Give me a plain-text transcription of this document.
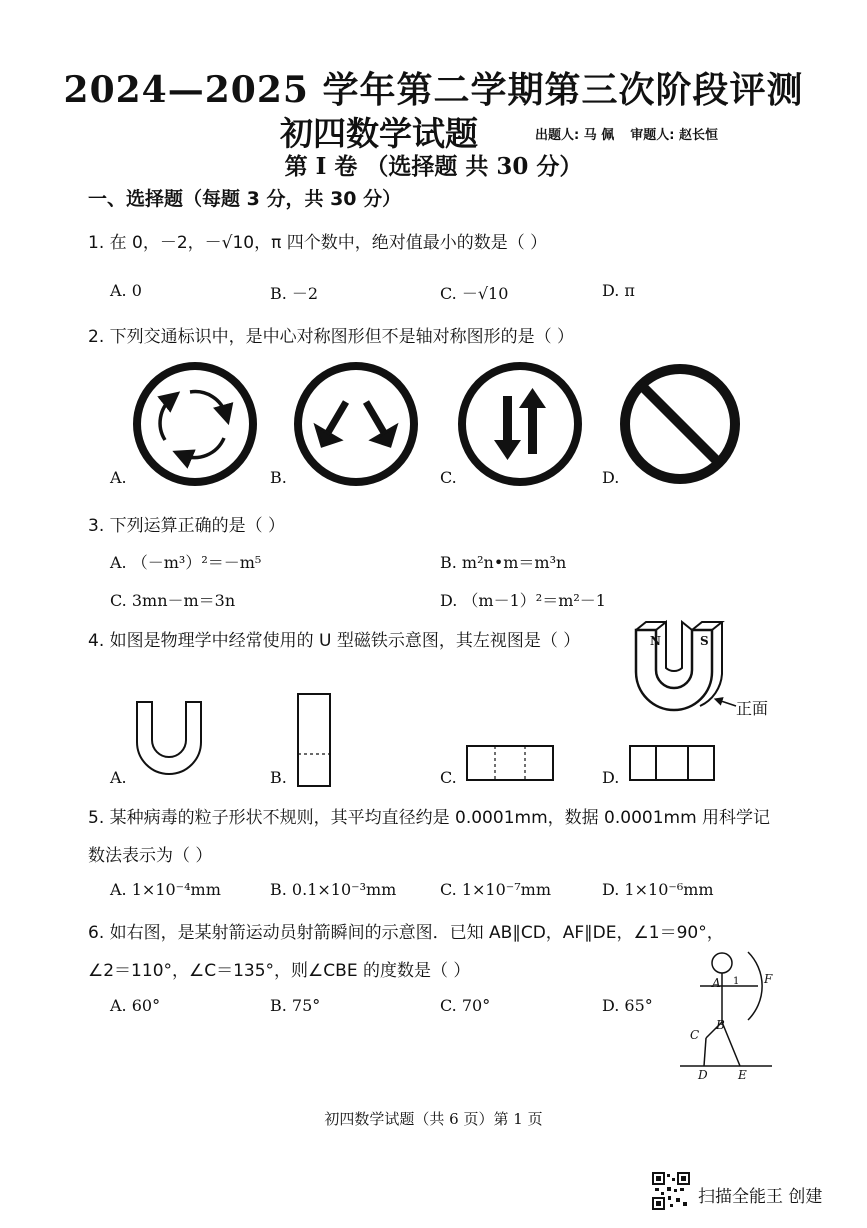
2024—2025 学年第二学期第三次阶段评测
初四数学试题	出题人: 马 佩 审题人: 赵长恒
第 I 卷 （选择题 共 30 分）
一、选择题（每题 3 分，共 30 分）
1. 在 0，－2，－√10，π 四个数中，绝对值最小的数是（ ）
A. 0	B. －2	C. －√10	D. π
2. 下列交通标识中，是中心对称图形但不是轴对称图形的是（ ）
A.	B.	C.	D.
N	S
正面
A 1 F
B
C
D	E
3. 下列运算正确的是（ ）
A. （－m³）²＝－m⁵	B. m²n•m＝m³n
C. 3mn－m＝3n	D. （m－1）²＝m²－1
4. 如图是物理学中经常使用的 U 型磁铁示意图，其左视图是（ ）
A.	B.	C.	D.
5. 某种病毒的粒子形状不规则，其平均直径约是 0.0001mm，数据 0.0001mm 用科学记
数法表示为（ ）
A. 1×10⁻⁴mm	B. 0.1×10⁻³mm	C. 1×10⁻⁷mm	D. 1×10⁻⁶mm
6. 如右图，是某射箭运动员射箭瞬间的示意图．已知 AB∥CD，AF∥DE，∠1＝90°，
∠2＝110°，∠C＝135°，则∠CBE 的度数是（ ）
A. 60°	B. 75°	C. 70°	D. 65°
初四数学试题（共 6 页）第 1 页
扫描全能王 创建
